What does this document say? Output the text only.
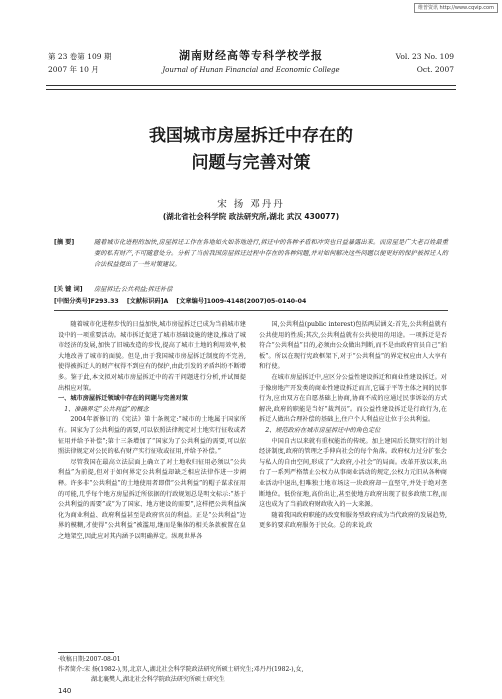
维普资讯 http://www.cqvip.com
第 23 卷第 109 期
2007 年 10 月
湖南财经高等专科学校学报
Journal of Hunan Financial and Economic College
Vol. 23 No. 109
Oct. 2007
我国城市房屋拆迁中存在的
问题与完善对策
宋 扬 邓丹丹
(湖北省社会科学院 政法研究所,湖北 武汉 430077)
[摘 要]	随着城市化进程的加快,房屋拆迁工作在各地如火如荼地进行,拆迁中的各种矛盾和冲突也日益暴露出来。而房屋是广大老百姓最重要的私有财产,不可随意处分。分析了当前我国房屋拆迁过程中存在的各种问题,并对如何解决这些问题以便更好的保护被拆迁人的合法权益提出了一些对策建议。
[关 键 词] 房屋拆迁;公共利益;拆迁补偿
[中图分类号]F293.33 [文献标识码]A [文章编号]1009-4148(2007)05-0140-04

随着城市化进程步伐的日益加快,城市房屋拆迁已成为当前城市建设中的一项重要活动。城市拆迁促进了城市基础设施的建设,推动了城市经济的发展,加快了旧城改造的步伐,提高了城市土地的利用效率,极大地改善了城市的面貌。但是,由于我国城市房屋拆迁制度的不完善,使得被拆迁人的财产权得不到应有的保护,由此引发的矛盾纠纷不断增多。鉴于此,本文拟对城市房屋拆迁中的若干问题进行分析,并试图提出相应对策。

一、城市房屋拆迁领域中存在的问题与完善对策

1、准确界定“公共利益”的概念

2004年新修订的《宪法》第十条规定:“城市的土地属于国家所有。国家为了公共利益的需要,可以依照法律规定对土地实行征收或者征用并给予补偿”;第十三条增加了“国家为了公共利益的需要,可以依照法律规定对公民的私有财产实行征收或征用,并给予补偿。”

尽管我国在最高立法层面上确立了对土地收归征用必须以“公共利益”为前提,但对于如何界定公共利益却缺乏相应法律作进一步阐释。许多非“公共利益”的土地使用者即借“公共利益”的帽子谋求征用的可能,几乎每个地方房屋拆迁所依据的行政规划总是明文标示:“基于公共利益的需要”或“为了国家、地方建设的需要”,这样把公共利益演化为商业利益、政府利益甚至是政府官员的利益。正是“公共利益”边界的模糊,才使得“公共利益”被滥用,继而是集体的相关条款被置在皇之地架空,因此应对其内涵予以明确界定。纵观世界各

国,公共利益(public interest)包括两层涵义:首先,公共利益就有公共使用的性质;其次,公共利益就有公共使用的用途。一项拆迁是否符合“公共利益”目的,必须由公众做出判断,而不是由政府官员自己“拍板”。所以在现行宪政框架下,对于“公共利益”的界定权应由人大享有和行使。

在城市房屋拆迁中,应区分公益性建设拆迁和商业性建设拆迁。对于像房地产开发类的商业性建设拆迁而言,它属于平等主体之间的民事行为,应由双方在自愿基础上协商,协商不成的应通过民事诉讼的方式解决,政府的职能是当好“裁判员”。而公益性建设拆迁是行政行为,在拆迁人做出合理补偿的基础上,住户个人利益应让位于公共利益。

2、规范政府在城市房屋拆迁中的角色定位

中国自古以来就有重权能治的传统。加上建国后长期实行的计划经济制度,政府的管理之手伸向社会的每个角落。政府权力过分扩张会与私人的自由空间,形成了“大政府,小社会”的局面。改革开放以来,出台了一系列严格禁止公权力从事商业活动的规定,公权力元旧从各种商业活动中退出,但唯独土地市场这一块政府却一直堅守,并处于绝对垄断地位。低价征地,高价出让,甚至使地方政府出现了很多政绩工程,而这也成为了当前政府财政收入的一大来源。

随着我国政府职能的改变和服务型政府成为当代政府的发展趋势,更多的要求政府服务于民众。总的来说,政

·收稿日期:2007-08-01
作者简介:宋 扬(1982-),男,北京人,湖北社会科学院政法研究所硕士研究生;邓丹丹(1982-),女,
湖北襄樊人,湖北社会科学院政法研究所硕士研究生
140
